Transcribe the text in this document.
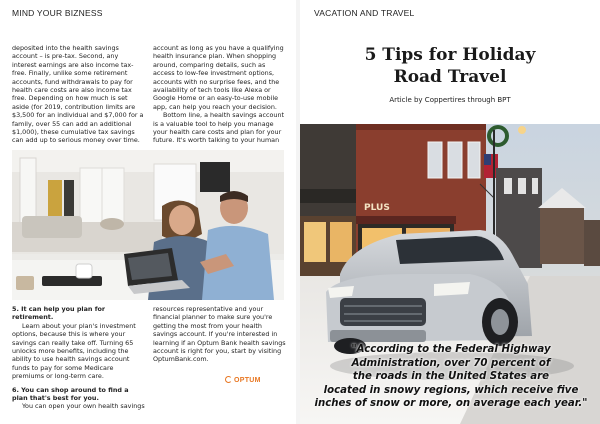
MIND YOUR BIZNESS

deposited into the health savings account – is pre-tax. Second, any interest earnings are also income tax-free. Finally, unlike some retirement accounts, fund withdrawals to pay for health care costs are also income tax free. Depending on how much is set aside (for 2019, contribution limits are $3,500 for an individual and $7,000 for a family, over 55 can add an additional $1,000), these cumulative tax savings can add up to serious money over time.

account as long as you have a qualifying health insurance plan. When shopping around, comparing details, such as access to low-fee investment options, accounts with no surprise fees, and the availability of tech tools like Alexa or Google Home or an easy-to-use mobile app, can help you reach your decision.

Bottom line, a health savings account is a valuable tool to help you manage your health care costs and plan for your future. It's worth talking to your human

5. It can help you plan for retirement.

Learn about your plan's investment options, because this is where your savings can really take off. Turning 65 unlocks more benefits, including the ability to use health savings account funds to pay for some Medicare premiums or long-term care.

6. You can shop around to find a plan that's best for you.

You can open your own health savings

resources representative and your financial planner to make sure you're getting the most from your health savings account. If you're interested in learning if an Optum Bank health savings account is right for you, start by visiting OptumBank.com.

OPTUM
VACATION AND TRAVEL
5 Tips for Holiday
Road Travel
Article by Coppertires through BPT
PLUS
"According to the Federal Highway
Administration, over 70 percent of
the roads in the United States are
located in snowy regions, which receive five
inches of snow or more, on average each year."
